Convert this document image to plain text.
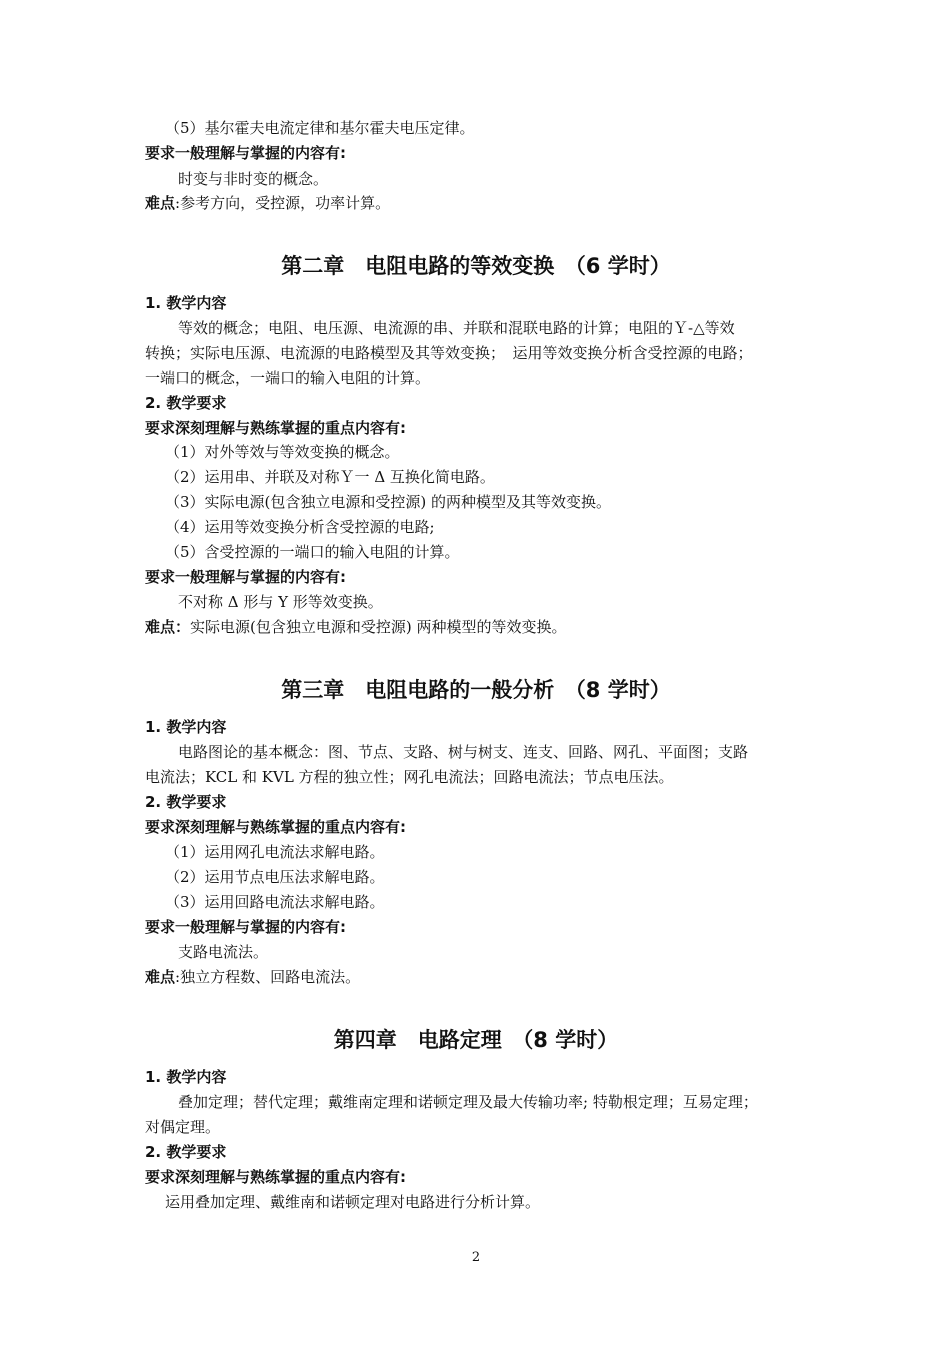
（5）基尔霍夫电流定律和基尔霍夫电压定律。
要求一般理解与掌握的内容有:
时变与非时变的概念。
难点:参考方向，受控源，功率计算。
第二章　电阻电路的等效变换　（6 学时）
1. 教学内容
等效的概念；电阻、电压源、电流源的串、并联和混联电路的计算；电阻的Ｙ-△等效
转换；实际电压源、电流源的电路模型及其等效变换；　运用等效变换分析含受控源的电路；
一端口的概念，一端口的输入电阻的计算。
2. 教学要求
要求深刻理解与熟练掌握的重点内容有:
（1）对外等效与等效变换的概念。
（2）运用串、并联及对称Ｙ一 Δ 互换化简电路。
（3）实际电源(包含独立电源和受控源) 的两种模型及其等效变换。
（4）运用等效变换分析含受控源的电路;
（5）含受控源的一端口的输入电阻的计算。
要求一般理解与掌握的内容有:
不对称 Δ 形与 Y 形等效变换。
难点：实际电源(包含独立电源和受控源) 两种模型的等效变换。
第三章　电阻电路的一般分析　（8 学时）
1. 教学内容
电路图论的基本概念：图、节点、支路、树与树支、连支、回路、网孔、平面图；支路
电流法；KCL 和 KVL 方程的独立性；网孔电流法；回路电流法；节点电压法。
2. 教学要求
要求深刻理解与熟练掌握的重点内容有:
（1）运用网孔电流法求解电路。
（2）运用节点电压法求解电路。
（3）运用回路电流法求解电路。
要求一般理解与掌握的内容有:
支路电流法。
难点:独立方程数、回路电流法。
第四章　电路定理　（8 学时）
1. 教学内容
叠加定理；替代定理；戴维南定理和诺顿定理及最大传输功率; 特勒根定理；互易定理；
对偶定理。
2. 教学要求
要求深刻理解与熟练掌握的重点内容有:
运用叠加定理、戴维南和诺顿定理对电路进行分析计算。
2
